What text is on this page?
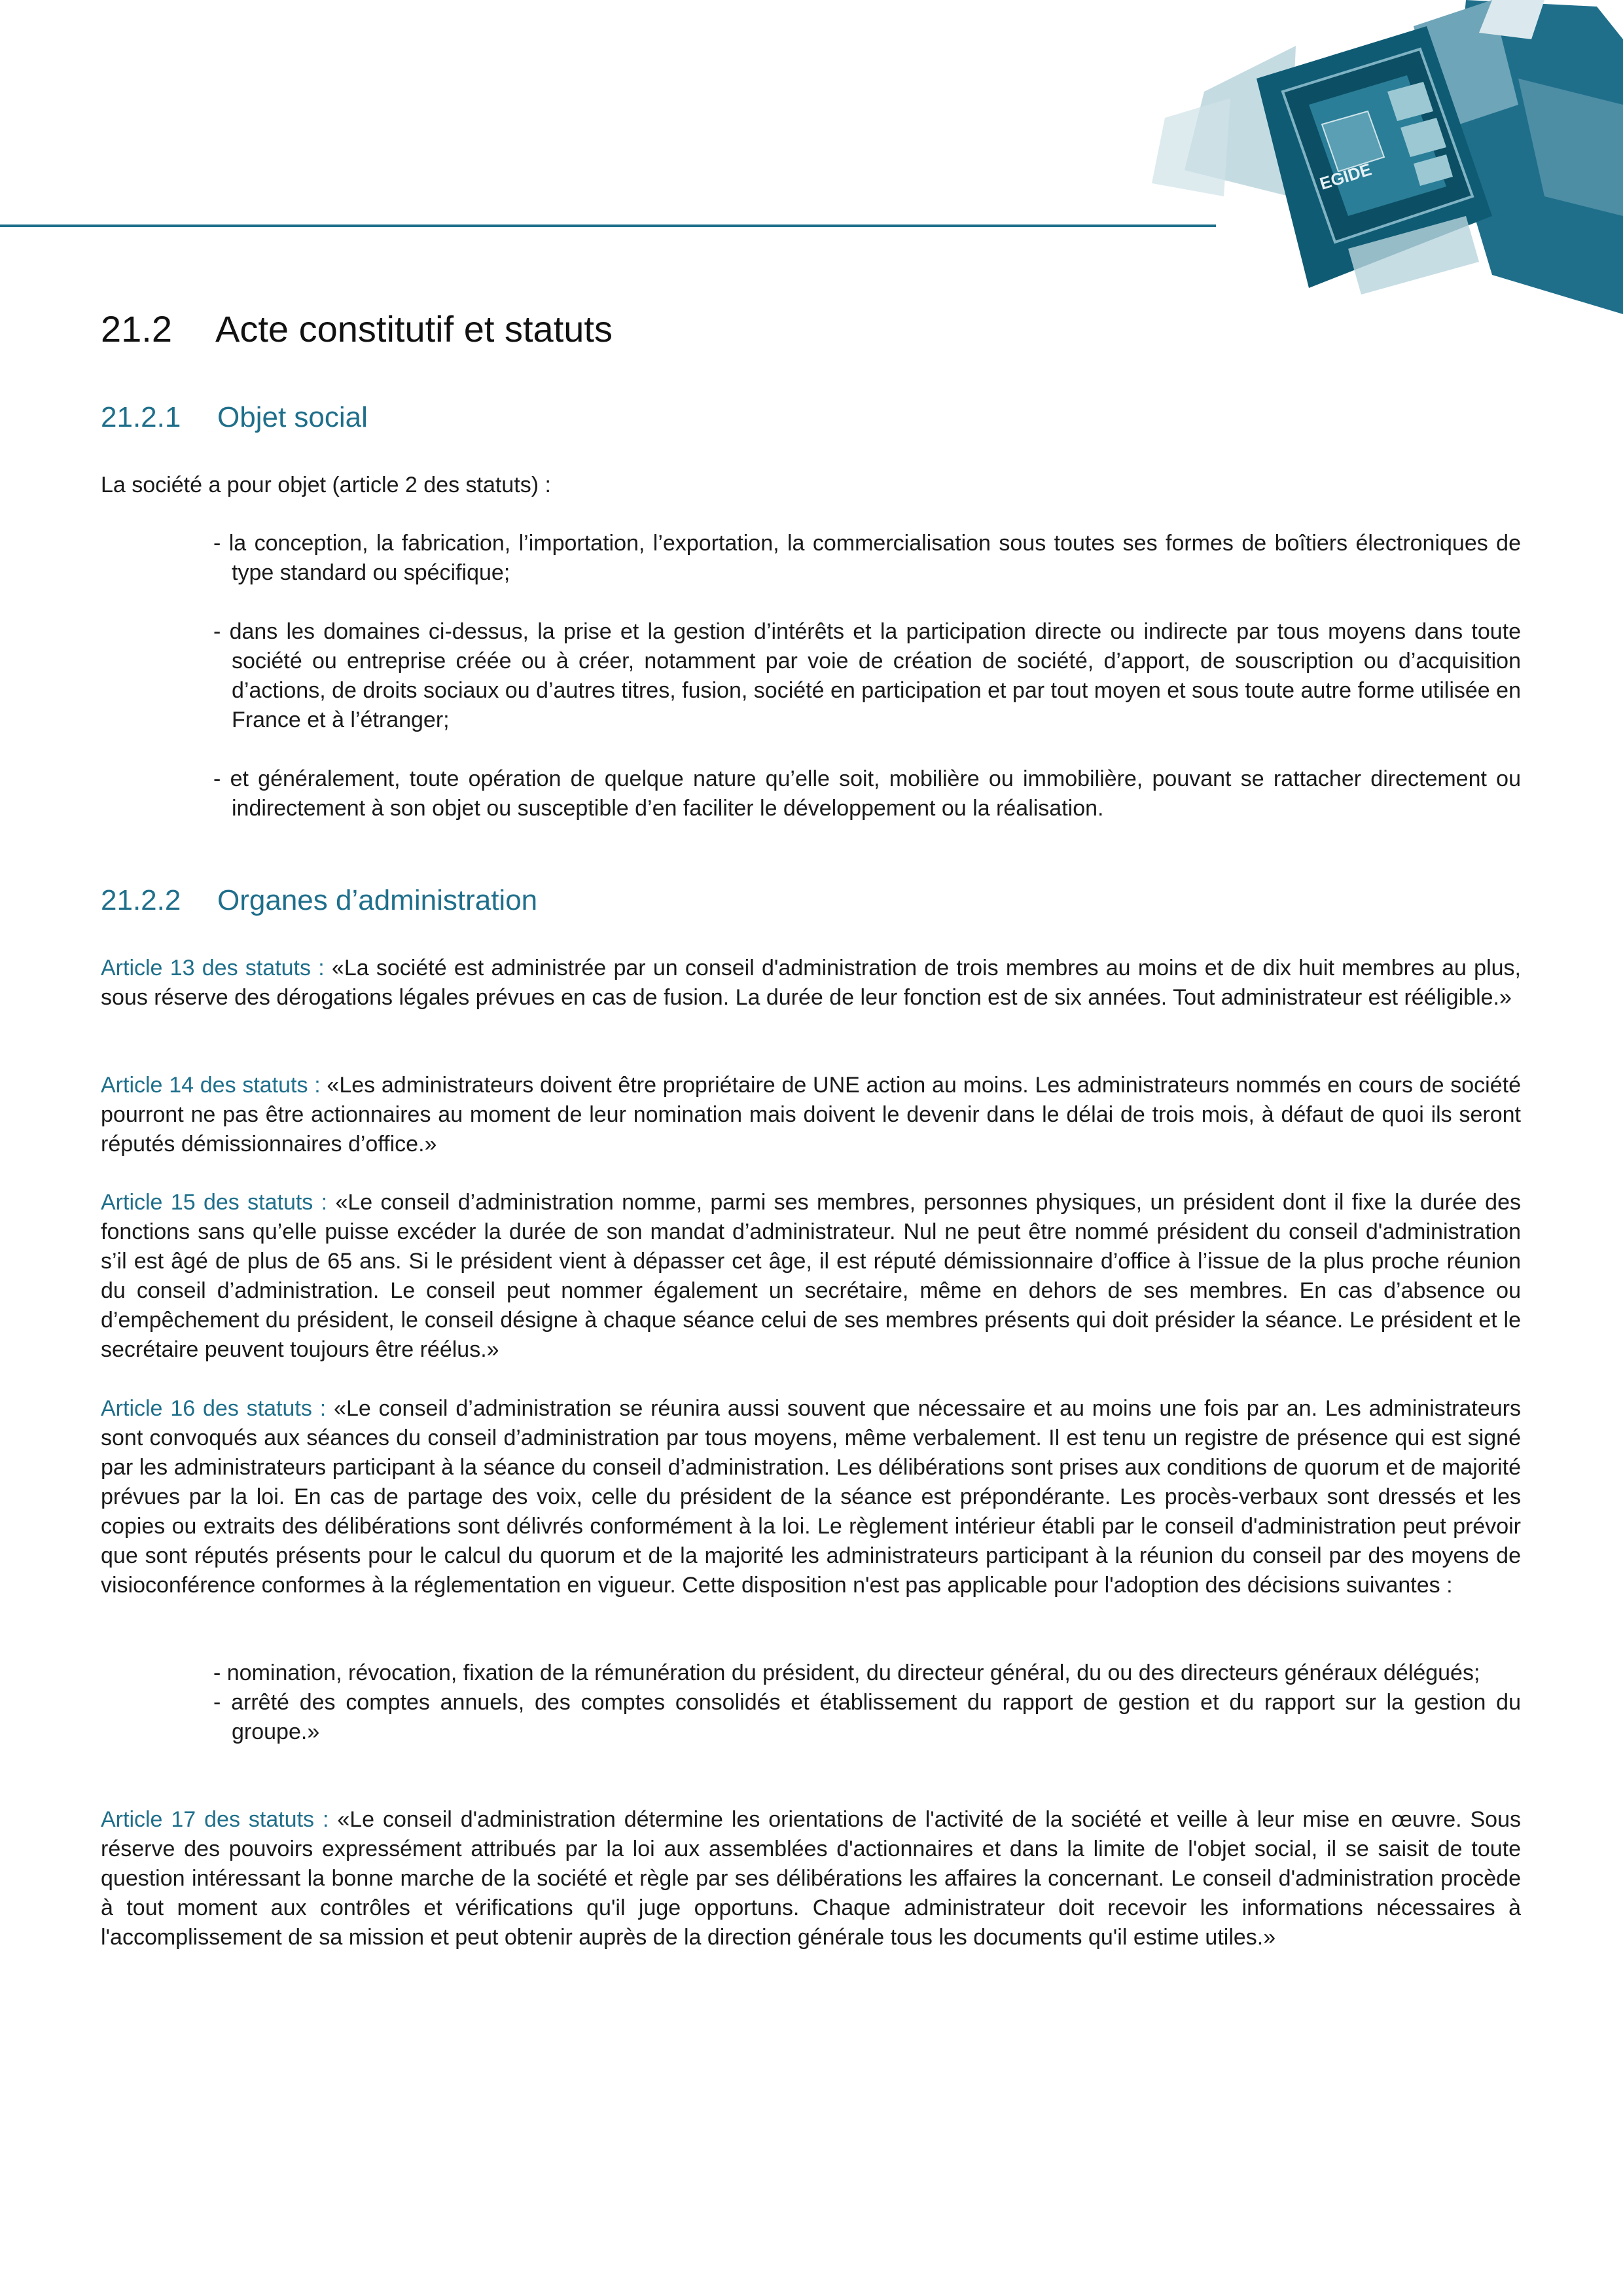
EGIDE
21.2 Acte constitutif et statuts
21.2.1 Objet social

La société a pour objet (article 2 des statuts) :

- la conception, la fabrication, l’importation, l’exportation, la commercialisation sous toutes ses formes de boîtiers électroniques de type standard ou spécifique;
- dans les domaines ci-dessus, la prise et la gestion d’intérêts et la participation directe ou indirecte par tous moyens dans toute société ou entreprise créée ou à créer, notamment par voie de création de société, d’apport, de souscription ou d’acquisition d’actions, de droits sociaux ou d’autres titres, fusion, société en participation et par tout moyen et sous toute autre forme utilisée en France et à l’étranger;
- et généralement, toute opération de quelque nature qu’elle soit, mobilière ou immobilière, pouvant se rattacher directement ou indirectement à son objet ou susceptible d’en faciliter le développement ou la réalisation.
21.2.2 Organes d’administration

Article 13 des statuts : «La société est administrée par un conseil d'administration de trois membres au moins et de dix huit membres au plus, sous réserve des dérogations légales prévues en cas de fusion. La durée de leur fonction est de six années. Tout administrateur est rééligible.»

Article 14 des statuts : «Les administrateurs doivent être propriétaire de UNE action au moins. Les administrateurs nommés en cours de société pourront ne pas être actionnaires au moment de leur nomination mais doivent le devenir dans le délai de trois mois, à défaut de quoi ils seront réputés démissionnaires d’office.»

Article 15 des statuts : «Le conseil d’administration nomme, parmi ses membres, personnes physiques, un président dont il fixe la durée des fonctions sans qu’elle puisse excéder la durée de son mandat d’administrateur. Nul ne peut être nommé président du conseil d'administration s’il est âgé de plus de 65 ans. Si le président vient à dépasser cet âge, il est réputé démissionnaire d’office à l’issue de la plus proche réunion du conseil d’administration. Le conseil peut nommer également un secrétaire, même en dehors de ses membres. En cas d’absence ou d’empêchement du président, le conseil désigne à chaque séance celui de ses membres présents qui doit présider la séance. Le président et le secrétaire peuvent toujours être réélus.»

Article 16 des statuts : «Le conseil d’administration se réunira aussi souvent que nécessaire et au moins une fois par an. Les administrateurs sont convoqués aux séances du conseil d’administration par tous moyens, même verbalement. Il est tenu un registre de présence qui est signé par les administrateurs participant à la séance du conseil d’administration. Les délibérations sont prises aux conditions de quorum et de majorité prévues par la loi. En cas de partage des voix, celle du président de la séance est prépondérante. Les procès-verbaux sont dressés et les copies ou extraits des délibérations sont délivrés conformément à la loi. Le règlement intérieur établi par le conseil d'administration peut prévoir que sont réputés présents pour le calcul du quorum et de la majorité les administrateurs participant à la réunion du conseil par des moyens de visioconférence conformes à la réglementation en vigueur. Cette disposition n'est pas applicable pour l'adoption des décisions suivantes :

- nomination, révocation, fixation de la rémunération du président, du directeur général, du ou des directeurs généraux délégués;
- arrêté des comptes annuels, des comptes consolidés et établissement du rapport de gestion et du rapport sur la gestion du groupe.»

Article 17 des statuts : «Le conseil d'administration détermine les orientations de l'activité de la société et veille à leur mise en œuvre. Sous réserve des pouvoirs expressément attribués par la loi aux assemblées d'actionnaires et dans la limite de l'objet social, il se saisit de toute question intéressant la bonne marche de la société et règle par ses délibérations les affaires la concernant. Le conseil d'administration procède à tout moment aux contrôles et vérifications qu'il juge opportuns. Chaque administrateur doit recevoir les informations nécessaires à l'accomplissement de sa mission et peut obtenir auprès de la direction générale tous les documents qu'il estime utiles.»
